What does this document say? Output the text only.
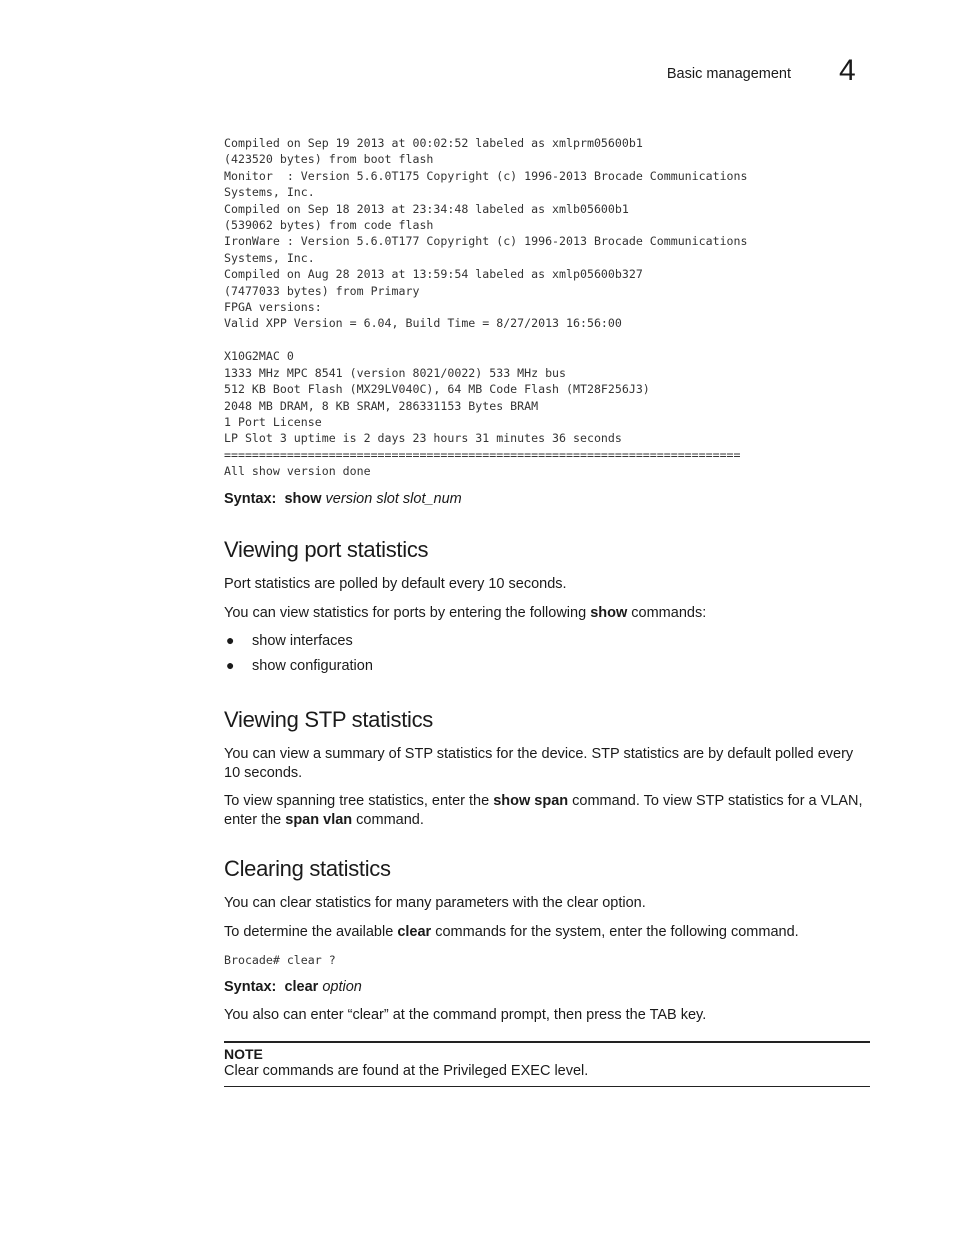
Basic management 4
Compiled on Sep 19 2013 at 00:02:52 labeled as xmlprm05600b1
(423520 bytes) from boot flash
Monitor  : Version 5.6.0T175 Copyright (c) 1996-2013 Brocade Communications
Systems, Inc.
Compiled on Sep 18 2013 at 23:34:48 labeled as xmlb05600b1
(539062 bytes) from code flash
IronWare : Version 5.6.0T177 Copyright (c) 1996-2013 Brocade Communications
Systems, Inc.
Compiled on Aug 28 2013 at 13:59:54 labeled as xmlp05600b327
(7477033 bytes) from Primary
FPGA versions:
Valid XPP Version = 6.04, Build Time = 8/27/2013 16:56:00

X10G2MAC 0
1333 MHz MPC 8541 (version 8021/0022) 533 MHz bus
512 KB Boot Flash (MX29LV040C), 64 MB Code Flash (MT28F256J3)
2048 MB DRAM, 8 KB SRAM, 286331153 Bytes BRAM
1 Port License
LP Slot 3 uptime is 2 days 23 hours 31 minutes 36 seconds
==========================================================================
All show version done

Syntax: show version slot slot_num

Viewing port statistics

Port statistics are polled by default every 10 seconds.

You can view statistics for ports by entering the following show commands:

● show interfaces
● show configuration
Viewing STP statistics

You can view a summary of STP statistics for the device. STP statistics are by default polled every 10 seconds.

To view spanning tree statistics, enter the show span command. To view STP statistics for a VLAN, enter the span vlan command.

Clearing statistics

You can clear statistics for many parameters with the clear option.

To determine the available clear commands for the system, enter the following command.

Brocade# clear ?

Syntax: clear option

You also can enter “clear” at the command prompt, then press the TAB key.

NOTE

Clear commands are found at the Privileged EXEC level.
